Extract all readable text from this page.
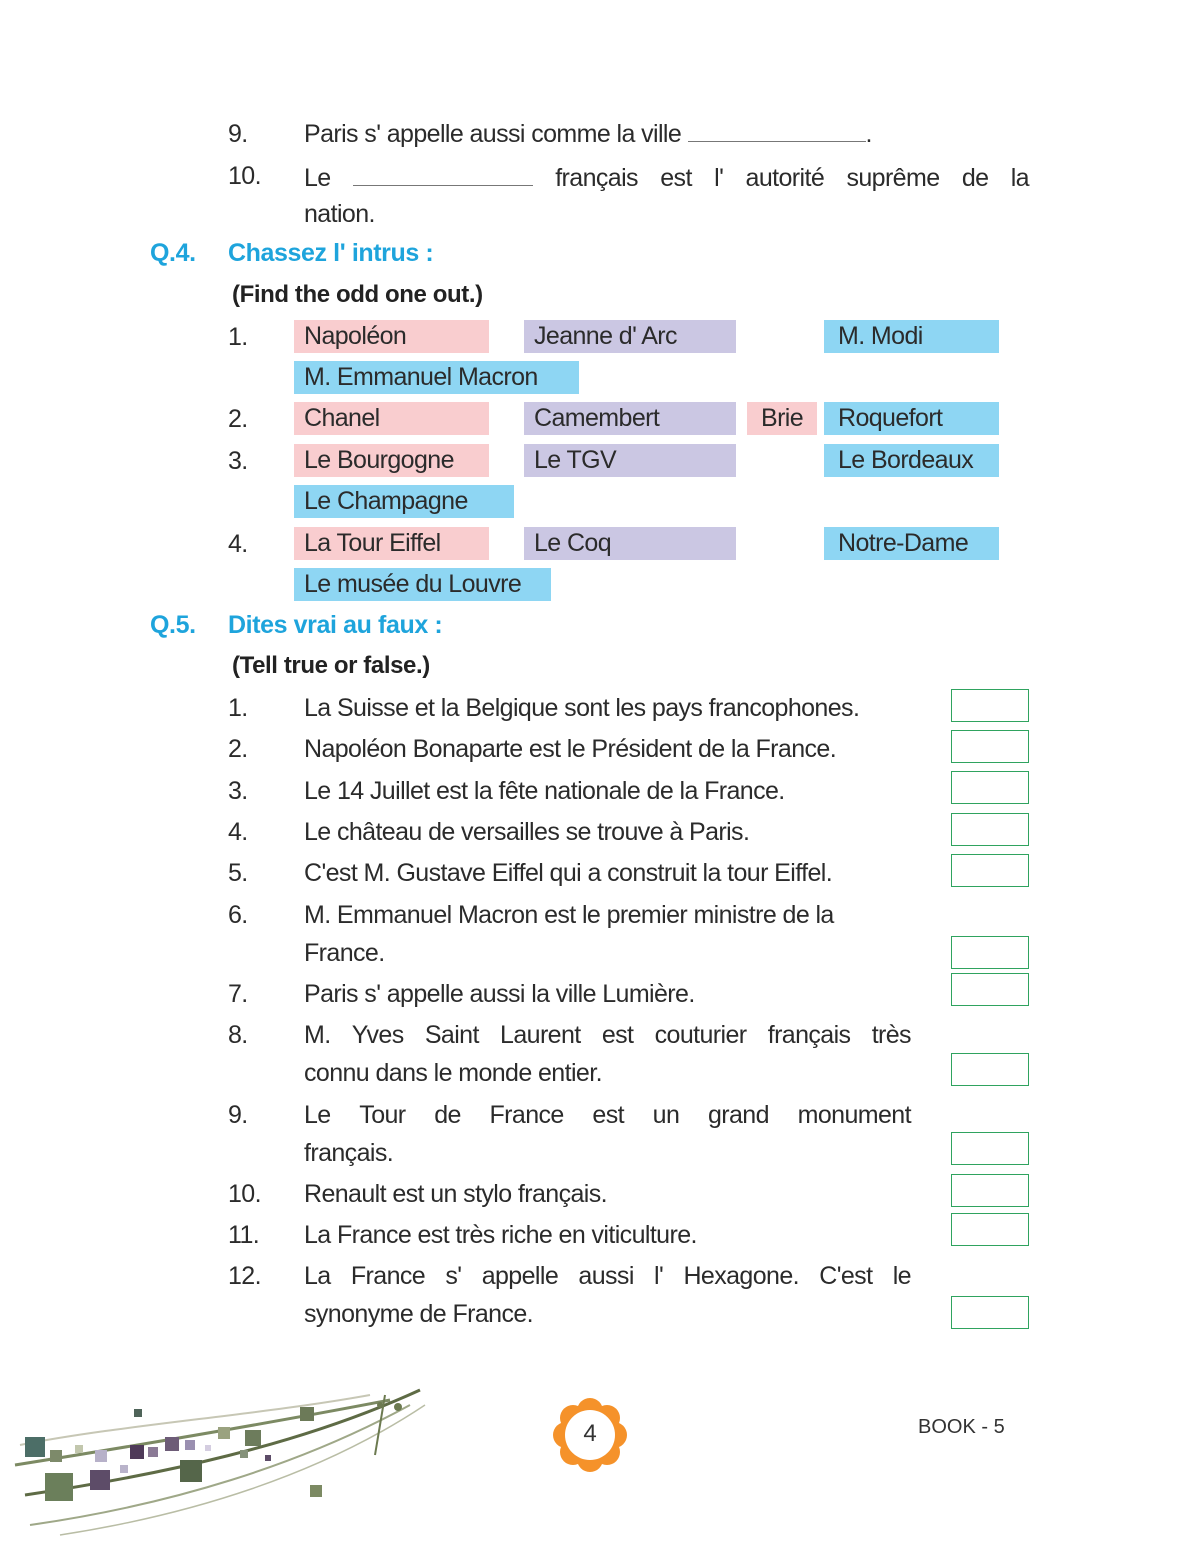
9. Paris s' appelle aussi comme la ville	.
10. Le	français est l' autorité suprême de la
nation.
Q.4. Chassez l' intrus :
(Find the odd one out.)
1.	Napoléon	Jeanne d' Arc	M. Modi
M. Emmanuel Macron
2.	Chanel	Camembert	Brie	Roquefort
3.	Le Bourgogne	Le TGV	Le Bordeaux
Le Champagne
4.	La Tour Eiffel	Le Coq	Notre-Dame
Le musée du Louvre
Q.5. Dites vrai au faux :
(Tell true or false.)
1. La Suisse et la Belgique sont les pays francophones.
2. Napoléon Bonaparte est le Président de la France.
3. Le 14 Juillet est la fête nationale de la France.
4. Le château de versailles se trouve à Paris.
5. C'est M. Gustave Eiffel qui a construit la tour Eiffel.
6. M. Emmanuel Macron est le premier ministre de la
France.
7. Paris s' appelle aussi la ville Lumière.
8. M. Yves Saint Laurent est couturier français très
connu dans le monde entier.
9. Le Tour de France est un grand monument
français.
10. Renault est un stylo français.
11. La France est très riche en viticulture.
12. La France s' appelle aussi l' Hexagone. C'est le
synonyme de France.
4	BOOK - 5
